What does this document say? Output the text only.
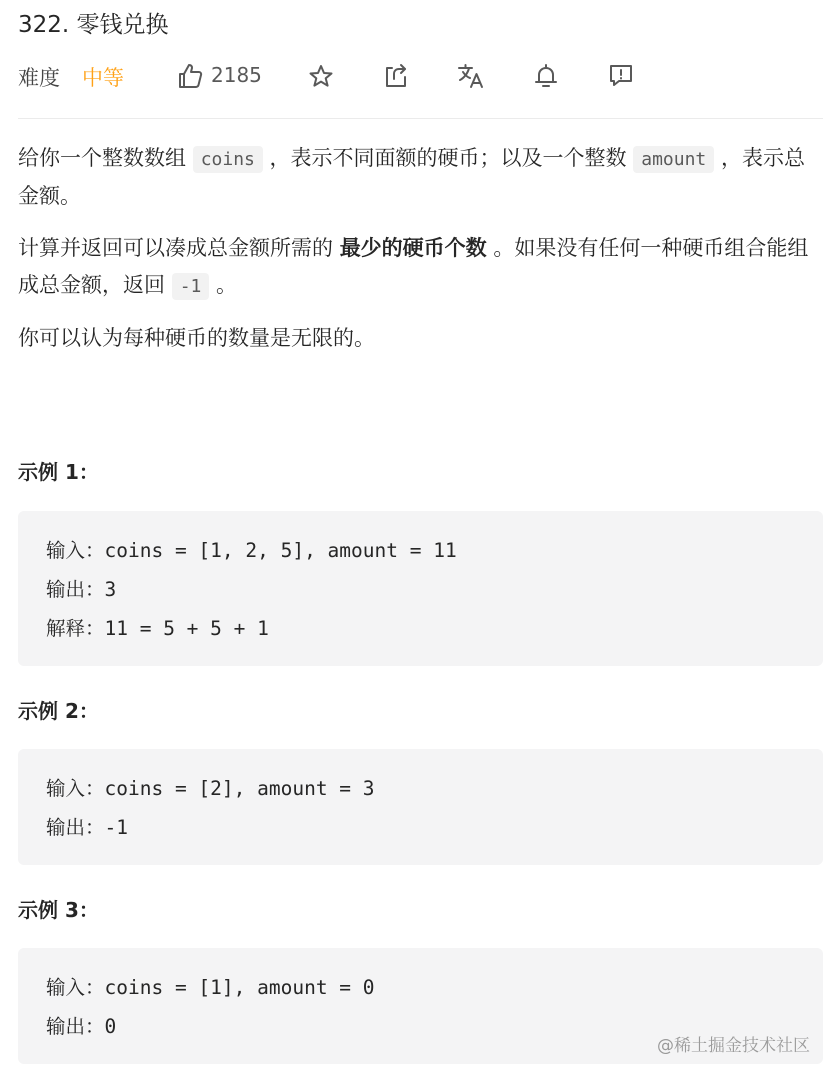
322. 零钱兑换
难度 中等	2185

给你一个整数数组 coins ，表示不同面额的硬币；以及一个整数 amount ，表示总金额。

计算并返回可以凑成总金额所需的 最少的硬币个数 。如果没有任何一种硬币组合能组成总金额，返回 -1 。

你可以认为每种硬币的数量是无限的。

示例 1：
输入：coins = [1, 2, 5], amount = 11
输出：3
解释：11 = 5 + 5 + 1
示例 2：
输入：coins = [2], amount = 3
输出：-1
示例 3：
输入：coins = [1], amount = 0
输出：0
@稀土掘金技术社区
